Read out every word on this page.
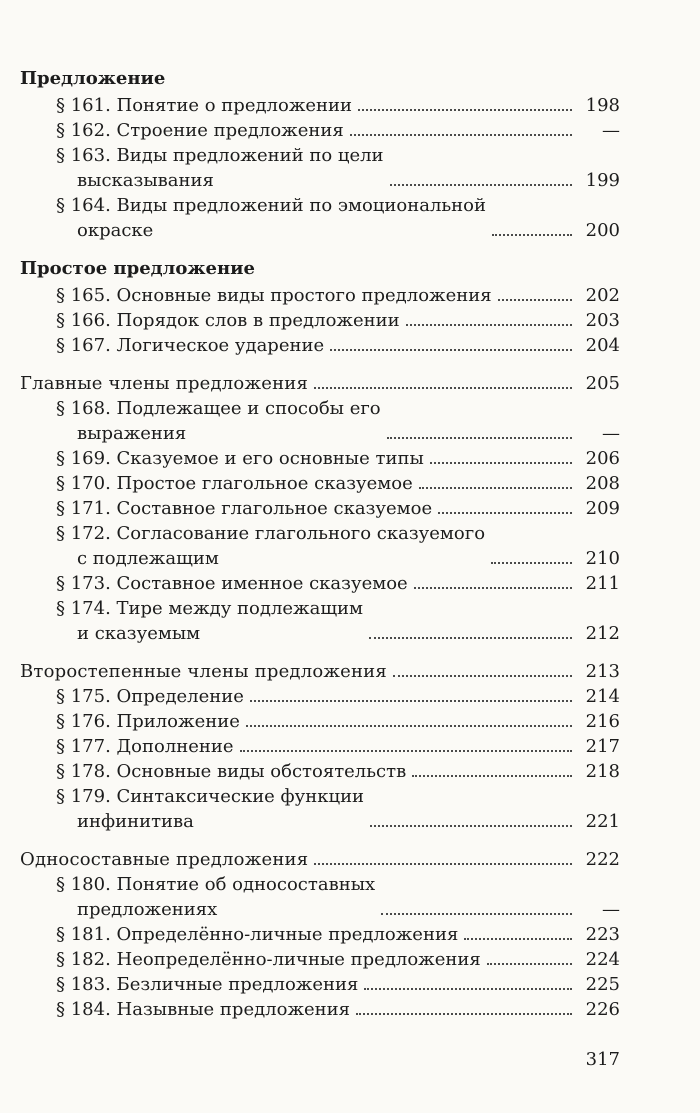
Предложение
§ 161. Понятие о предложении	198
§ 162. Строение предложения	—
§ 163. Виды предложений по цели
высказывания	199
§ 164. Виды предложений по эмоциональной
окраске	200
Простое предложение
§ 165. Основные виды простого предложения	202
§ 166. Порядок слов в предложении	203
§ 167. Логическое ударение	204
Главные члены предложения	205
§ 168. Подлежащее и способы его
выражения	—
§ 169. Сказуемое и его основные типы	206
§ 170. Простое глагольное сказуемое	208
§ 171. Составное глагольное сказуемое	209
§ 172. Согласование глагольного сказуемого
с подлежащим	210
§ 173. Составное именное сказуемое	211
§ 174. Тире между подлежащим
и сказуемым	212
Второстепенные члены предложения	213
§ 175. Определение	214
§ 176. Приложение	216
§ 177. Дополнение	217
§ 178. Основные виды обстоятельств	218
§ 179. Синтаксические функции
инфинитива	221
Односоставные предложения	222
§ 180. Понятие об односоставных
предложениях	—
§ 181. Определённо-личные предложения	223
§ 182. Неопределённо-личные предложения	224
§ 183. Безличные предложения	225
§ 184. Назывные предложения	226
317
